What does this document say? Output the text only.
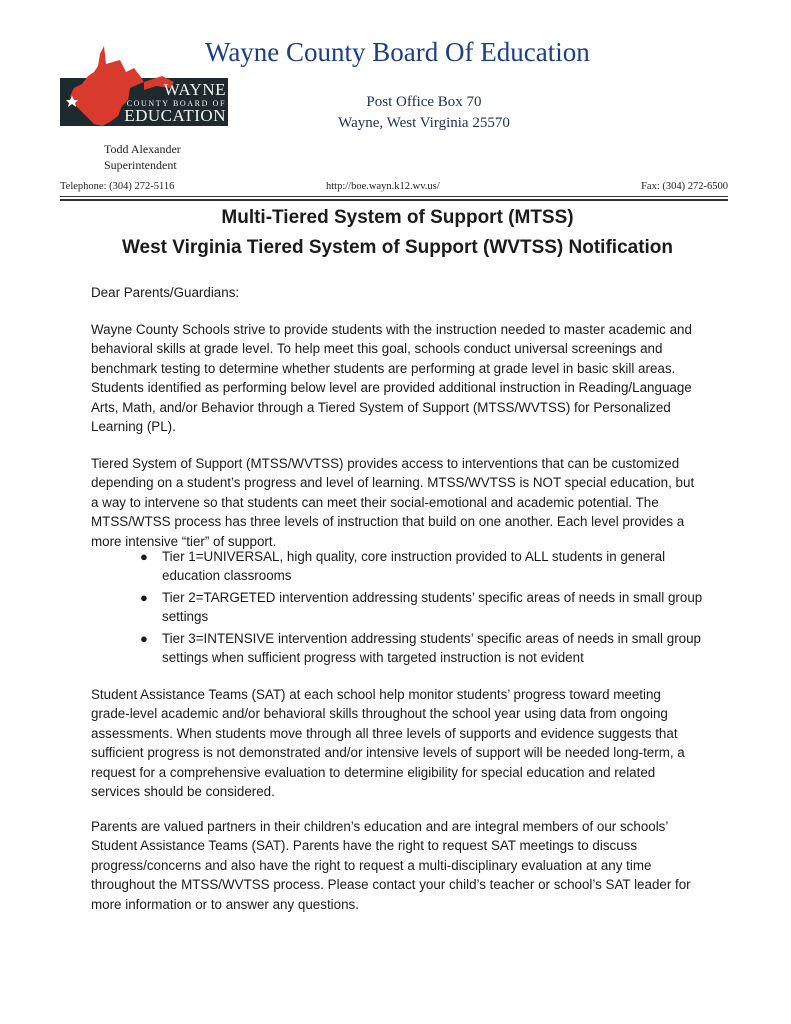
WAYNE
COUNTY BOARD OF
EDUCATION
Wayne County Board Of Education
Post Office Box 70
Wayne, West Virginia 25570
Todd Alexander
Superintendent
Telephone: (304) 272-5116	http://boe.wayn.k12.wv.us/	Fax: (304) 272-6500
Multi-Tiered System of Support (MTSS)
West Virginia Tiered System of Support (WVTSS) Notification
Dear Parents/Guardians:
Wayne County Schools strive to provide students with the instruction needed to master academic and behavioral skills at grade level. To help meet this goal, schools conduct universal screenings and benchmark testing to determine whether students are performing at grade level in basic skill areas. Students identified as performing below level are provided additional instruction in Reading/Language Arts, Math, and/or Behavior through a Tiered System of Support (MTSS/WVTSS) for Personalized Learning (PL).
Tiered System of Support (MTSS/WVTSS) provides access to interventions that can be customized depending on a student’s progress and level of learning. MTSS/WVTSS is NOT special education, but a way to intervene so that students can meet their social-emotional and academic potential. The MTSS/WTSS process has three levels of instruction that build on one another. Each level provides a more intensive “tier” of support.
● Tier 1=UNIVERSAL, high quality, core instruction provided to ALL students in general education classrooms
● Tier 2=TARGETED intervention addressing students’ specific areas of needs in small group settings
● Tier 3=INTENSIVE intervention addressing students’ specific areas of needs in small group settings when sufficient progress with targeted instruction is not evident
Student Assistance Teams (SAT) at each school help monitor students’ progress toward meeting grade-level academic and/or behavioral skills throughout the school year using data from ongoing assessments. When students move through all three levels of supports and evidence suggests that sufficient progress is not demonstrated and/or intensive levels of support will be needed long-term, a request for a comprehensive evaluation to determine eligibility for special education and related services should be considered.
Parents are valued partners in their children’s education and are integral members of our schools’ Student Assistance Teams (SAT). Parents have the right to request SAT meetings to discuss progress/concerns and also have the right to request a multi-disciplinary evaluation at any time throughout the MTSS/WVTSS process. Please contact your child’s teacher or school’s SAT leader for more information or to answer any questions.
